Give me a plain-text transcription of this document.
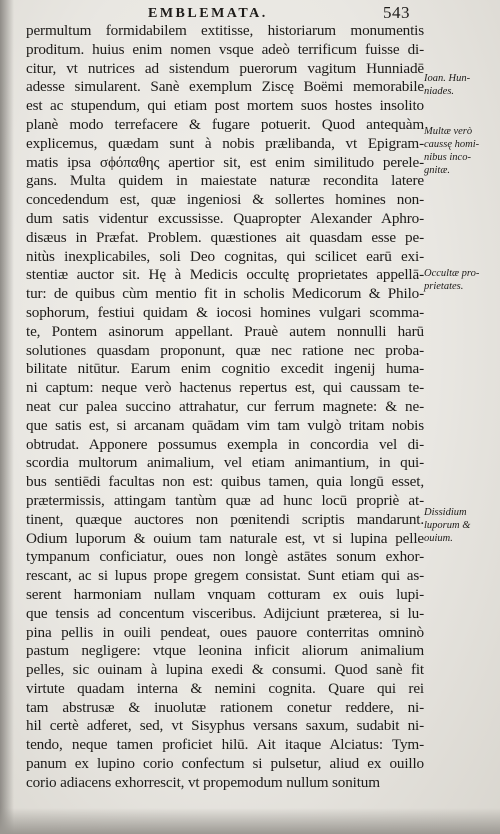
EMBLEMATA.	543
permultum formidabilem extitisse, historiarum monumentis
proditum. huius enim nomen vsque adeò terrificum fuisse di-
citur, vt nutrices ad sistendum puerorum vagitum Hunniadē
adesse simularent. Sanè exemplum Ziscę Boëmi memorabile
est ac stupendum, qui etiam post mortem suos hostes insolito
planè modo terrefacere & fugare potuerit. Quod antequàm
explicemus, quædam sunt à nobis prælibanda, vt Epigram-
matis ipsa σϕόπαθης apertior sit, est enim similitudo perele-
gans. Multa quidem in maiestate naturæ recondita latere
concedendum est, quæ ingeniosi & sollertes homines non-
dum satis videntur excussisse. Quapropter Alexander Aphro-
disæus in Præfat. Problem. quæstiones ait quasdam esse pe-
nitùs inexplicabiles, soli Deo cognitas, qui scilicet earū exi-
stentiæ auctor sit. Hę à Medicis occultę proprietates appellā-
tur: de quibus cùm mentio fit in scholis Medicorum & Philo-
sophorum, festiui quidam & iocosi homines vulgari scomma-
te, Pontem asinorum appellant. Prauè autem nonnulli harū
solutiones quasdam proponunt, quæ nec ratione nec proba-
bilitate nitūtur. Earum enim cognitio excedit ingenij huma-
ni captum: neque verò hactenus repertus est, qui caussam te-
neat cur palea succino attrahatur, cur ferrum magnete: & ne-
que satis est, si arcanam quādam vim tam vulgò tritam nobis
obtrudat. Apponere possumus exempla in concordia vel di-
scordia multorum animalium, vel etiam animantium, in qui-
bus sentiēdi facultas non est: quibus tamen, quia longū esset,
prætermissis, attingam tantùm quæ ad hunc locū propriè at-
tinent, quæque auctores non pœnitendi scriptis mandarunt.
Odium luporum & ouium tam naturale est, vt si lupina pelle
tympanum conficiatur, oues non longè astātes sonum exhor-
rescant, ac si lupus prope gregem consistat. Sunt etiam qui as-
serent harmoniam nullam vnquam cotturam ex ouis lupi-
que tensis ad concentum visceribus. Adijciunt præterea, si lu-
pina pellis in ouili pendeat, oues pauore conterritas omninò
pastum negligere: vtque leonina inficit aliorum animalium
pelles, sic ouinam à lupina exedi & consumi. Quod sanè fit
virtute quadam interna & nemini cognita. Quare qui rei
tam abstrusæ & inuolutæ rationem conetur reddere, ni-
hil certè adferet, sed, vt Sisyphus versans saxum, sudabit ni-
tendo, neque tamen proficiet hilū. Ait itaque Alciatus: Tym-
panum ex lupino corio confectum si pulsetur, aliud ex ouillo
corio adiacens exhorrescit, vt propemodum nullum sonitum
Ioan. Hun-
niades.
Multæ verò
caussę homi-
nibus inco-
gnitæ.
Occultæ pro-
prietates.
Dissidium
luporum &
ouium.
